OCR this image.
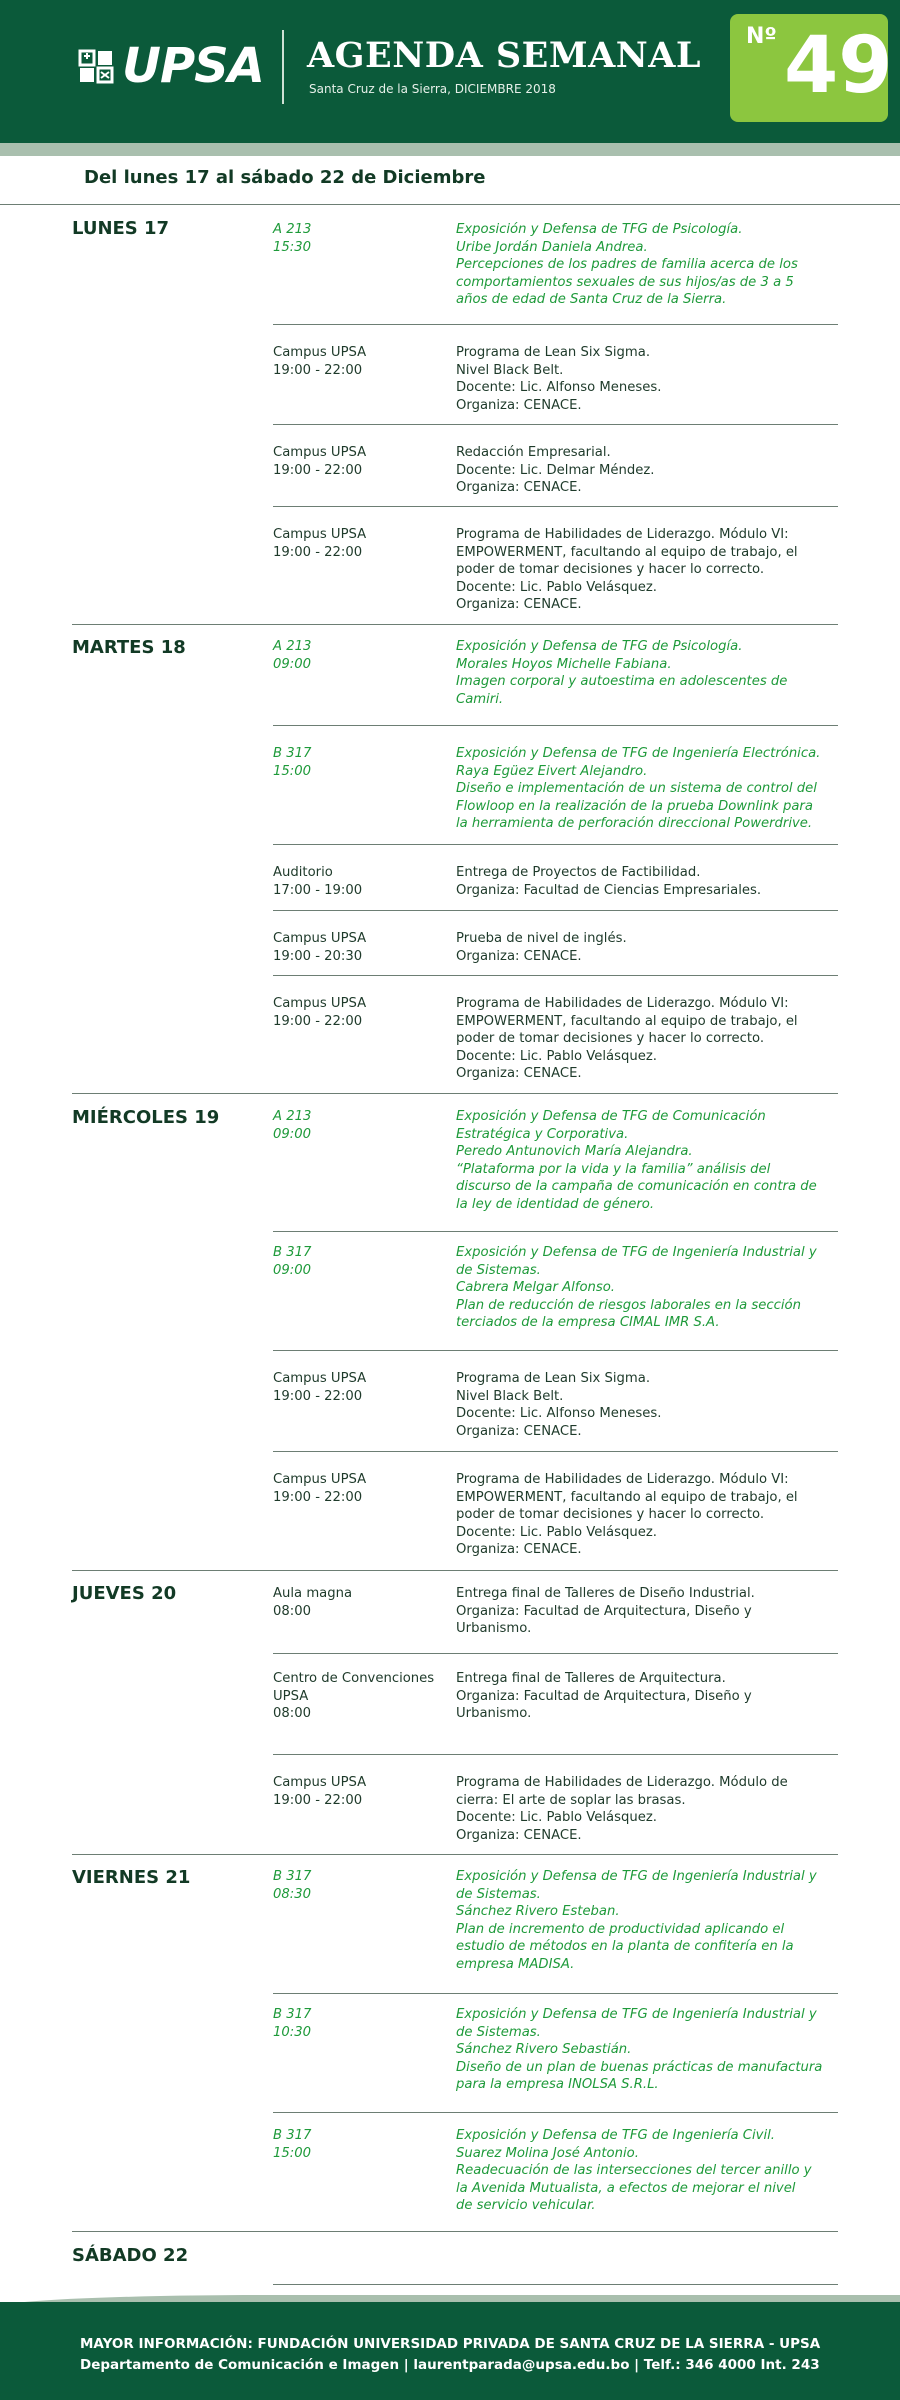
UPSA AGENDA SEMANAL
Santa Cruz de la Sierra, DICIEMBRE 2018
Nº 49
Del lunes 17 al sábado 22 de Diciembre
LUNES 17
MARTES 18
MIÉRCOLES 19
JUEVES 20
VIERNES 21
SÁBADO 22
A 213
15:30
Exposición y Defensa de TFG de Psicología.
Uribe Jordán Daniela Andrea.
Percepciones de los padres de familia acerca de los
comportamientos sexuales de sus hijos/as de 3 a 5
años de edad de Santa Cruz de la Sierra.
Campus UPSA
19:00 - 22:00
Programa de Lean Six Sigma.
Nivel Black Belt.
Docente: Lic. Alfonso Meneses.
Organiza: CENACE.
Campus UPSA
19:00 - 22:00
Redacción Empresarial.
Docente: Lic. Delmar Méndez.
Organiza: CENACE.
Campus UPSA
19:00 - 22:00
Programa de Habilidades de Liderazgo. Módulo VI:
EMPOWERMENT, facultando al equipo de trabajo, el
poder de tomar decisiones y hacer lo correcto.
Docente: Lic. Pablo Velásquez.
Organiza: CENACE.
A 213
09:00
Exposición y Defensa de TFG de Psicología.
Morales Hoyos Michelle Fabiana.
Imagen corporal y autoestima en adolescentes de
Camiri.
B 317
15:00
Exposición y Defensa de TFG de Ingeniería Electrónica.
Raya Egüez Eivert Alejandro.
Diseño e implementación de un sistema de control del
Flowloop en la realización de la prueba Downlink para
la herramienta de perforación direccional Powerdrive.
Auditorio
17:00 - 19:00
Entrega de Proyectos de Factibilidad.
Organiza: Facultad de Ciencias Empresariales.
Campus UPSA
19:00 - 20:30
Prueba de nivel de inglés.
Organiza: CENACE.
Campus UPSA
19:00 - 22:00
Programa de Habilidades de Liderazgo. Módulo VI:
EMPOWERMENT, facultando al equipo de trabajo, el
poder de tomar decisiones y hacer lo correcto.
Docente: Lic. Pablo Velásquez.
Organiza: CENACE.
A 213
09:00
Exposición y Defensa de TFG de Comunicación
Estratégica y Corporativa.
Peredo Antunovich María Alejandra.
“Plataforma por la vida y la familia” análisis del
discurso de la campaña de comunicación en contra de
la ley de identidad de género.
B 317
09:00
Exposición y Defensa de TFG de Ingeniería Industrial y
de Sistemas.
Cabrera Melgar Alfonso.
Plan de reducción de riesgos laborales en la sección
terciados de la empresa CIMAL IMR S.A.
Campus UPSA
19:00 - 22:00
Programa de Lean Six Sigma.
Nivel Black Belt.
Docente: Lic. Alfonso Meneses.
Organiza: CENACE.
Campus UPSA
19:00 - 22:00
Programa de Habilidades de Liderazgo. Módulo VI:
EMPOWERMENT, facultando al equipo de trabajo, el
poder de tomar decisiones y hacer lo correcto.
Docente: Lic. Pablo Velásquez.
Organiza: CENACE.
Aula magna
08:00
Entrega final de Talleres de Diseño Industrial.
Organiza: Facultad de Arquitectura, Diseño y
Urbanismo.
Centro de Convenciones
UPSA
08:00
Entrega final de Talleres de Arquitectura.
Organiza: Facultad de Arquitectura, Diseño y
Urbanismo.
Campus UPSA
19:00 - 22:00
Programa de Habilidades de Liderazgo. Módulo de
cierra: El arte de soplar las brasas.
Docente: Lic. Pablo Velásquez.
Organiza: CENACE.
B 317
08:30
Exposición y Defensa de TFG de Ingeniería Industrial y
de Sistemas.
Sánchez Rivero Esteban.
Plan de incremento de productividad aplicando el
estudio de métodos en la planta de confitería en la
empresa MADISA.
B 317
10:30
Exposición y Defensa de TFG de Ingeniería Industrial y
de Sistemas.
Sánchez Rivero Sebastián.
Diseño de un plan de buenas prácticas de manufactura
para la empresa INOLSA S.R.L.
B 317
15:00
Exposición y Defensa de TFG de Ingeniería Civil.
Suarez Molina José Antonio.
Readecuación de las intersecciones del tercer anillo y
la Avenida Mutualista, a efectos de mejorar el nivel
de servicio vehicular.
MAYOR INFORMACIÓN: FUNDACIÓN UNIVERSIDAD PRIVADA DE SANTA CRUZ DE LA SIERRA - UPSA
Departamento de Comunicación e Imagen | laurentparada@upsa.edu.bo | Telf.: 346 4000 Int. 243
